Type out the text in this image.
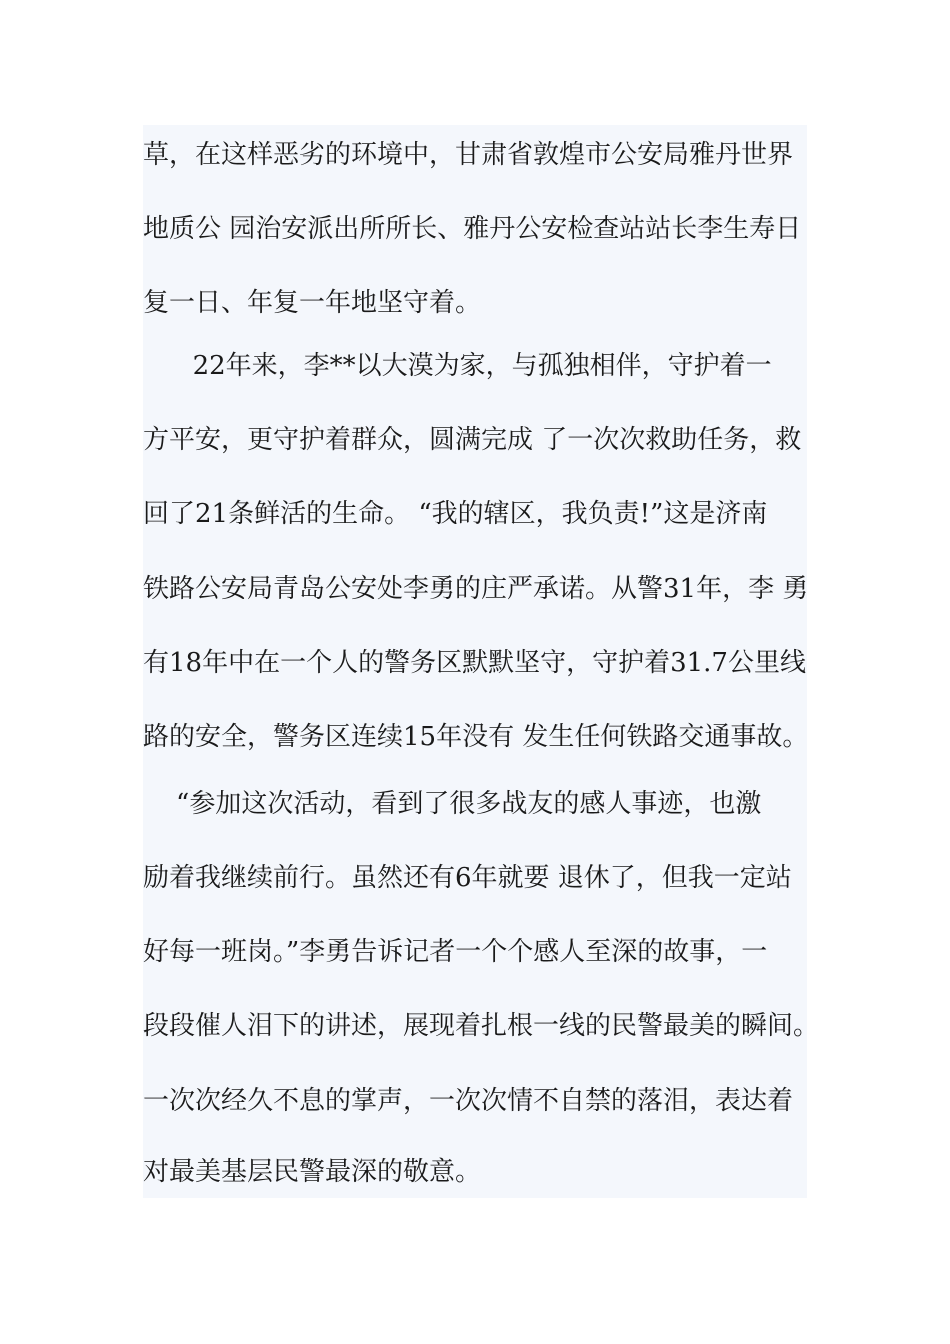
草，在这样恶劣的环境中，甘肃省敦煌市公安局雅丹世界
地质公 园治安派出所所长、雅丹公安检查站站长李生寿日
复一日、年复一年地坚守着。
22年来，李**以大漠为家，与孤独相伴，守护着一
方平安，更守护着群众，圆满完成 了一次次救助任务，救
回了21条鲜活的生命。 “我的辖区，我负责!”这是济南
铁路公安局青岛公安处李勇的庄严承诺。从警31年，李 勇
有18年中在一个人的警务区默默坚守，守护着31.7公里线
路的安全，警务区连续15年没有 发生任何铁路交通事故。
“参加这次活动，看到了很多战友的感人事迹，也激
励着我继续前行。虽然还有6年就要 退休了，但我一定站
好每一班岗。”李勇告诉记者一个个感人至深的故事，一
段段催人泪下的讲述，展现着扎根一线的民警最美的瞬间。
一次次经久不息的掌声，一次次情不自禁的落泪，表达着
对最美基层民警最深的敬意。
